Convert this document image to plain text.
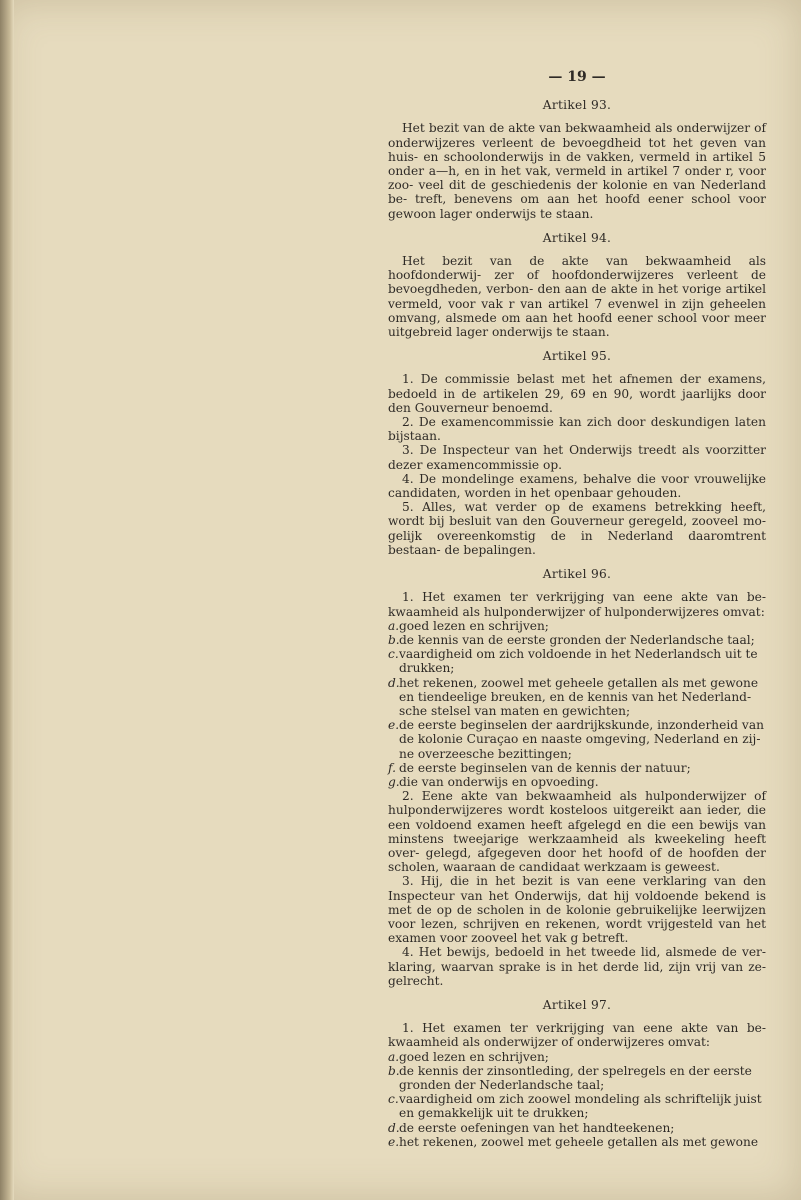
— 19 —
Artikel 93.

Het bezit van de akte van bekwaamheid als onderwijzer of onderwijzeres verleent de bevoegdheid tot het geven van huis- en schoolonderwijs in de vakken, vermeld in artikel 5 onder a—h, en in het vak, vermeld in artikel 7 onder r, voor zoo- veel dit de geschiedenis der kolonie en van Nederland be- treft, benevens om aan het hoofd eener school voor gewoon lager onderwijs te staan.

Artikel 94.

Het bezit van de akte van bekwaamheid als hoofdonderwij- zer of hoofdonderwijzeres verleent de bevoegdheden, verbon- den aan de akte in het vorige artikel vermeld, voor vak r van artikel 7 evenwel in zijn geheelen omvang, alsmede om aan het hoofd eener school voor meer uitgebreid lager onderwijs te staan.

Artikel 95.

1. De commissie belast met het afnemen der examens, bedoeld in de artikelen 29, 69 en 90, wordt jaarlijks door den Gouverneur benoemd.

2. De examencommissie kan zich door deskundigen laten bijstaan.

3. De Inspecteur van het Onderwijs treedt als voorzitter dezer examencommissie op.

4. De mondelinge examens, behalve die voor vrouwelijke candidaten, worden in het openbaar gehouden.

5. Alles, wat verder op de examens betrekking heeft, wordt bij besluit van den Gouverneur geregeld, zooveel mo- gelijk overeenkomstig de in Nederland daaromtrent bestaan- de bepalingen.

Artikel 96.

1. Het examen ter verkrijging van eene akte van be- kwaamheid als hulponderwijzer of hulponderwijzeres omvat:

a. goed lezen en schrijven;

b. de kennis van de eerste gronden der Nederlandsche taal;

c. vaardigheid om zich voldoende in het Nederlandsch uit te drukken;

d. het rekenen, zoowel met geheele getallen als met gewone en tiendeelige breuken, en de kennis van het Nederland- sche stelsel van maten en gewichten;

e. de eerste beginselen der aardrijkskunde, inzonderheid van de kolonie Curaçao en naaste omgeving, Nederland en zij- ne overzeesche bezittingen;

f. de eerste beginselen van de kennis der natuur;

g. die van onderwijs en opvoeding.

2. Eene akte van bekwaamheid als hulponderwijzer of hulponderwijzeres wordt kosteloos uitgereikt aan ieder, die een voldoend examen heeft afgelegd en die een bewijs van minstens tweejarige werkzaamheid als kweekeling heeft over- gelegd, afgegeven door het hoofd of de hoofden der scholen, waaraan de candidaat werkzaam is geweest.

3. Hij, die in het bezit is van eene verklaring van den Inspecteur van het Onderwijs, dat hij voldoende bekend is met de op de scholen in de kolonie gebruikelijke leerwijzen voor lezen, schrijven en rekenen, wordt vrijgesteld van het examen voor zooveel het vak g betreft.

4. Het bewijs, bedoeld in het tweede lid, alsmede de ver- klaring, waarvan sprake is in het derde lid, zijn vrij van ze- gelrecht.

Artikel 97.

1. Het examen ter verkrijging van eene akte van be- kwaamheid als onderwijzer of onderwijzeres omvat:

a. goed lezen en schrijven;

b. de kennis der zinsontleding, der spelregels en der eerste gronden der Nederlandsche taal;

c. vaardigheid om zich zoowel mondeling als schriftelijk juist en gemakkelijk uit te drukken;

d. de eerste oefeningen van het handteekenen;

e. het rekenen, zoowel met geheele getallen als met gewone
